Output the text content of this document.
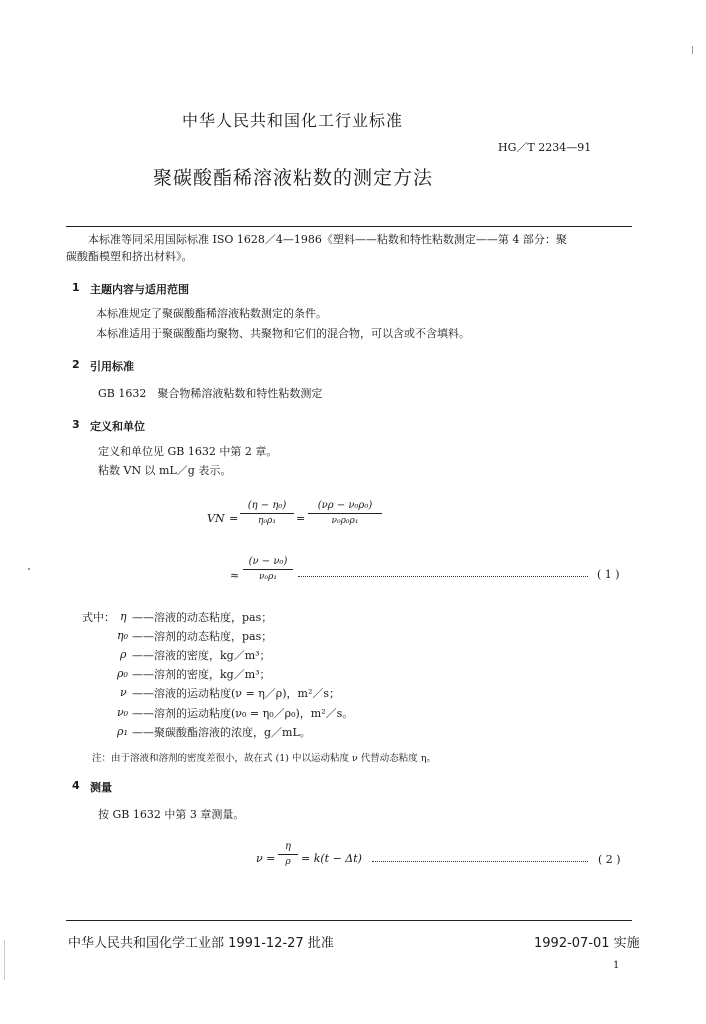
中华人民共和国化工行业标准
HG／T 2234—91
聚碳酸酯稀溶液粘数的测定方法
本标准等同采用国际标准 ISO 1628／4—1986《塑料——粘数和特性粘数测定——第 4 部分：聚
碳酸酯模塑和挤出材料》。
1 主题内容与适用范围
本标准规定了聚碳酸酯稀溶液粘数测定的条件。
本标准适用于聚碳酸酯均聚物、共聚物和它们的混合物，可以含或不含填料。
2 引用标准
GB 1632　聚合物稀溶液粘数和特性粘数测定
3 定义和单位
定义和单位见 GB 1632 中第 2 章。
粘数 VN 以 mL／g 表示。
VN = $\frac{\text{(η − η₀)}}{\text{η₀ρ₁}} = \frac{\text{(νρ − ν₀ρ₀)}}{\text{ν₀ρ₀ρ₁}}$
≈ $\frac{\text{(ν − ν₀)}}{\text{ν₀ρ₁}}$	( 1 )
式中： η ——溶液的动态粘度，pas；
η₀ ——溶剂的动态粘度，pas；
ρ ——溶液的密度，kg／m³；
ρ₀ ——溶剂的密度，kg／m³；
ν ——溶液的运动粘度(ν = η／ρ)，m²／s；
ν₀ ——溶剂的运动粘度(ν₀ = η₀／ρ₀)，m²／s。
ρ₁ ——聚碳酸酯溶液的浓度，g／mL。
注：由于溶液和溶剂的密度差很小，故在式 (1) 中以运动粘度 ν 代替动态粘度 η。
4 测量
按 GB 1632 中第 3 章测量。
$\nu = \frac{\eta}{\rho} = k(t - \Delta t)$	( 2 )
中华人民共和国化学工业部 1991-12-27 批准	1992-07-01 实施
1
